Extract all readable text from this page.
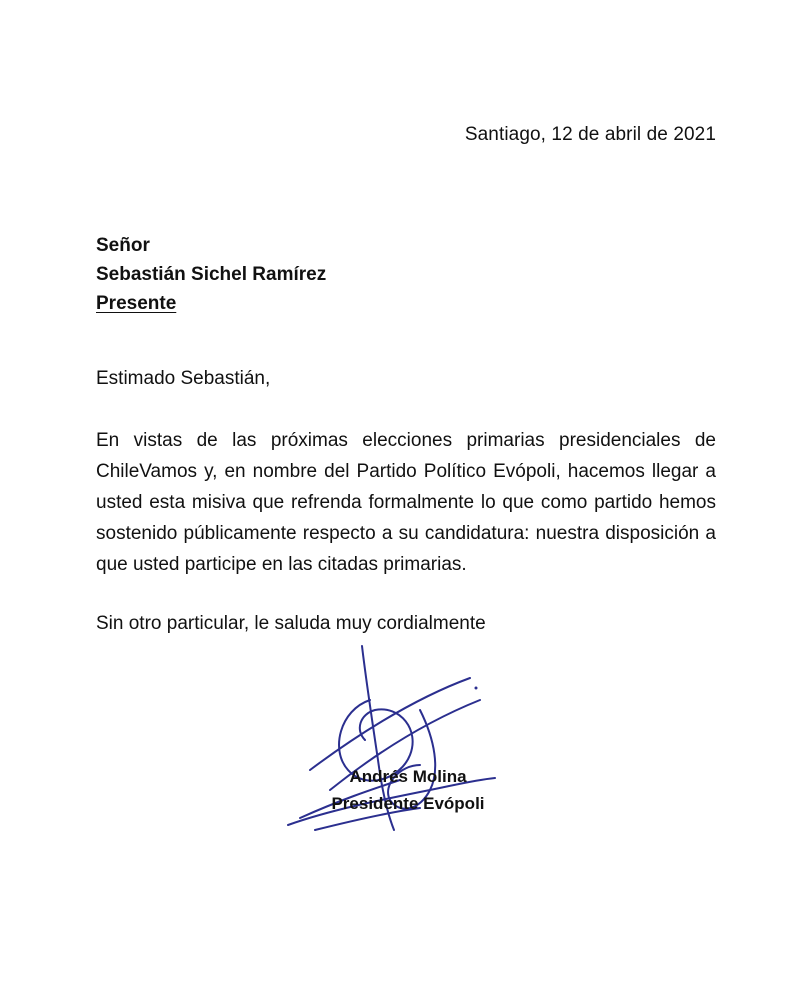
Santiago, 12 de abril de 2021
Señor
Sebastián Sichel Ramírez
Presente
Estimado Sebastián,
En vistas de las próximas elecciones primarias presidenciales de ChileVamos y, en nombre del Partido Político Evópoli, hacemos llegar a usted esta misiva que refrenda formalmente lo que como partido hemos sostenido públicamente respecto a su candidatura: nuestra disposición a que usted participe en las citadas primarias.
Sin otro particular, le saluda muy cordialmente
Andrés Molina
Presidente Evópoli
